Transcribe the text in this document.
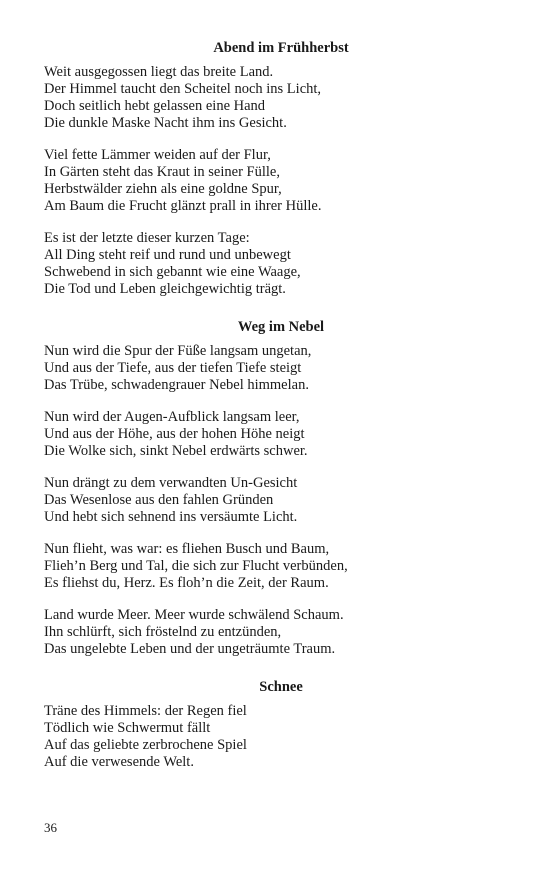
Abend im Frühherbst
Weit ausgegossen liegt das breite Land.
Der Himmel taucht den Scheitel noch ins Licht,
Doch seitlich hebt gelassen eine Hand
Die dunkle Maske Nacht ihm ins Gesicht.
Viel fette Lämmer weiden auf der Flur,
In Gärten steht das Kraut in seiner Fülle,
Herbstwälder ziehn als eine goldne Spur,
Am Baum die Frucht glänzt prall in ihrer Hülle.
Es ist der letzte dieser kurzen Tage:
All Ding steht reif und rund und unbewegt
Schwebend in sich gebannt wie eine Waage,
Die Tod und Leben gleichgewichtig trägt.
Weg im Nebel
Nun wird die Spur der Füße langsam ungetan,
Und aus der Tiefe, aus der tiefen Tiefe steigt
Das Trübe, schwadengrauer Nebel himmelan.
Nun wird der Augen-Aufblick langsam leer,
Und aus der Höhe, aus der hohen Höhe neigt
Die Wolke sich, sinkt Nebel erdwärts schwer.
Nun drängt zu dem verwandten Un-Gesicht
Das Wesenlose aus den fahlen Gründen
Und hebt sich sehnend ins versäumte Licht.
Nun flieht, was war: es fliehen Busch und Baum,
Flieh’n Berg und Tal, die sich zur Flucht verbünden,
Es fliehst du, Herz. Es floh’n die Zeit, der Raum.
Land wurde Meer. Meer wurde schwälend Schaum.
Ihn schlürft, sich fröstelnd zu entzünden,
Das ungelebte Leben und der ungeträumte Traum.
Schnee
Träne des Himmels: der Regen fiel
Tödlich wie Schwermut fällt
Auf das geliebte zerbrochene Spiel
Auf die verwesende Welt.
36
